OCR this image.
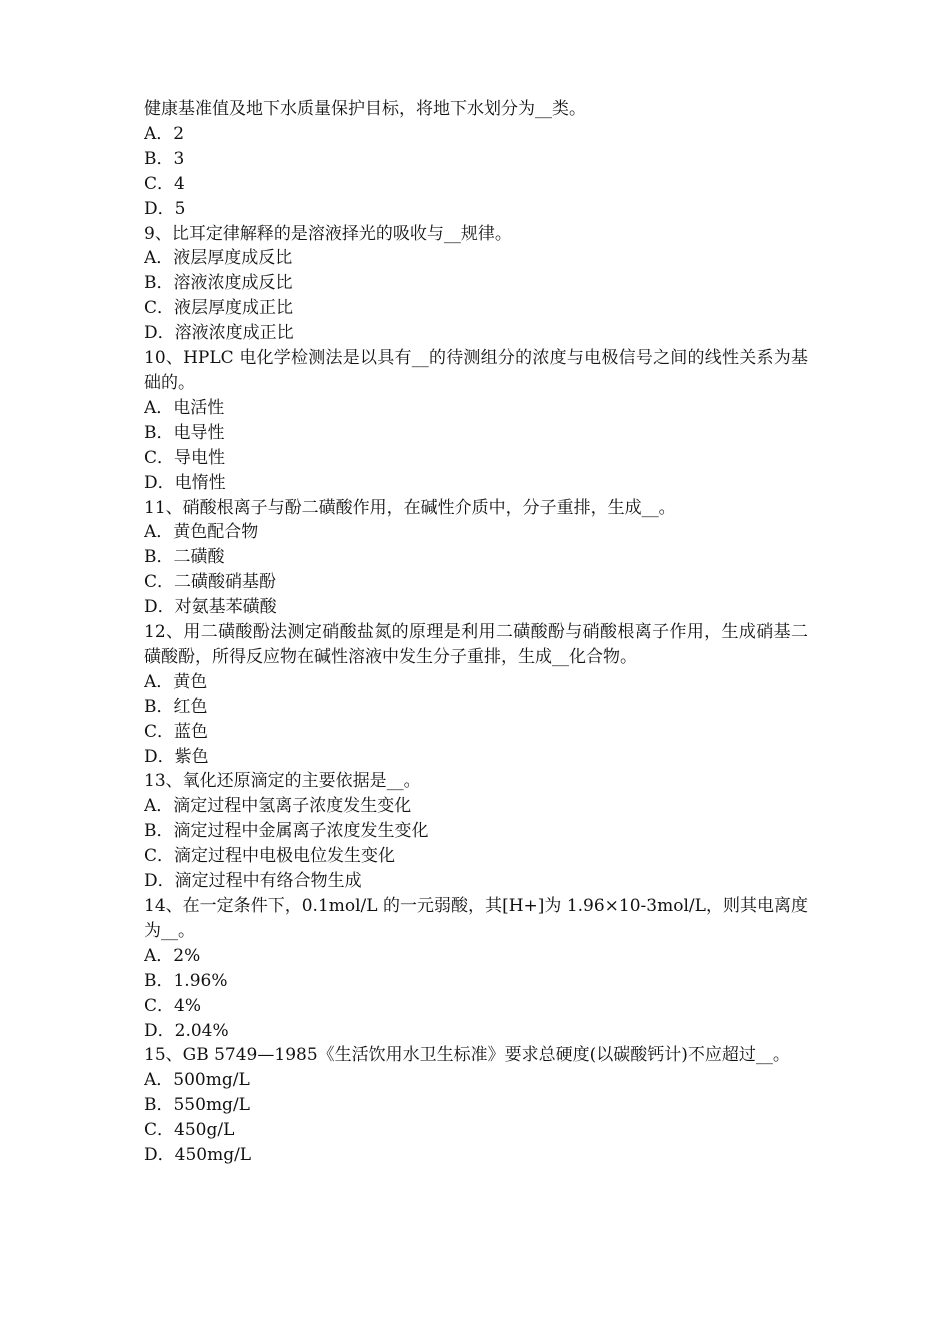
健康基准值及地下水质量保护目标，将地下水划分为__类。
A．2
B．3
C．4
D．5
9、比耳定律解释的是溶液择光的吸收与__规律。
A．液层厚度成反比
B．溶液浓度成反比
C．液层厚度成正比
D．溶液浓度成正比
10、HPLC 电化学检测法是以具有__的待测组分的浓度与电极信号之间的线性关系为基础的。
A．电活性
B．电导性
C．导电性
D．电惰性
11、硝酸根离子与酚二磺酸作用，在碱性介质中，分子重排，生成__。
A．黄色配合物
B．二磺酸
C．二磺酸硝基酚
D．对氨基苯磺酸
12、用二磺酸酚法测定硝酸盐氮的原理是利用二磺酸酚与硝酸根离子作用，生成硝基二磺酸酚，所得反应物在碱性溶液中发生分子重排，生成__化合物。
A．黄色
B．红色
C．蓝色
D．紫色
13、氧化还原滴定的主要依据是__。
A．滴定过程中氢离子浓度发生变化
B．滴定过程中金属离子浓度发生变化
C．滴定过程中电极电位发生变化
D．滴定过程中有络合物生成
14、在一定条件下，0.1mol/L 的一元弱酸，其[H+]为 1.96×10-3mol/L，则其电离度为__。
A．2%
B．1.96%
C．4%
D．2.04%
15、GB 5749—1985《生活饮用水卫生标准》要求总硬度(以碳酸钙计)不应超过__。
A．500mg/L
B．550mg/L
C．450g/L
D．450mg/L
